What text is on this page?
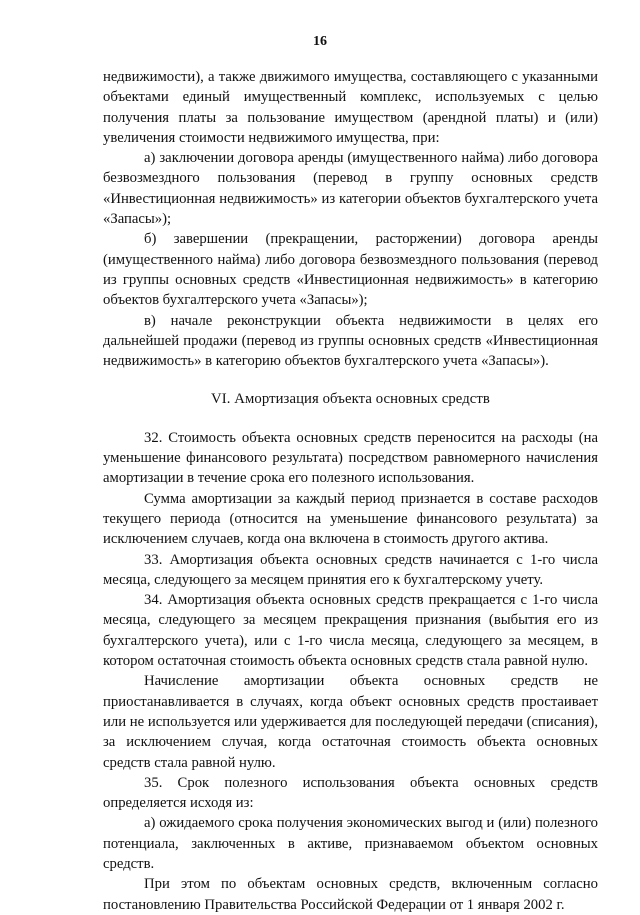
16

недвижимости), а также движимого имущества, составляющего с указанными объектами единый имущественный комплекс, используемых с целью получения платы за пользование имуществом (арендной платы) и (или) увеличения стоимости недвижимого имущества, при:

а) заключении договора аренды (имущественного найма) либо договора безвозмездного пользования (перевод в группу основных средств «Инвестиционная недвижимость» из категории объектов бухгалтерского учета «Запасы»);

б) завершении (прекращении, расторжении) договора аренды (имущественного найма) либо договора безвозмездного пользования (перевод из группы основных средств «Инвестиционная недвижимость» в категорию объектов бухгалтерского учета «Запасы»);

в) начале реконструкции объекта недвижимости в целях его дальнейшей продажи (перевод из группы основных средств «Инвестиционная недвижимость» в категорию объектов бухгалтерского учета «Запасы»).

VI. Амортизация объекта основных средств

32. Стоимость объекта основных средств переносится на расходы (на уменьшение финансового результата) посредством равномерного начисления амортизации в течение срока его полезного использования.

Сумма амортизации за каждый период признается в составе расходов текущего периода (относится на уменьшение финансового результата) за исключением случаев, когда она включена в стоимость другого актива.

33. Амортизация объекта основных средств начинается с 1-го числа месяца, следующего за месяцем принятия его к бухгалтерскому учету.

34. Амортизация объекта основных средств прекращается с 1-го числа месяца, следующего за месяцем прекращения признания (выбытия его из бухгалтерского учета), или с 1-го числа месяца, следующего за месяцем, в котором остаточная стоимость объекта основных средств стала равной нулю.

Начисление амортизации объекта основных средств не приостанавливается в случаях, когда объект основных средств простаивает или не используется или удерживается для последующей передачи (списания), за исключением случая, когда остаточная стоимость объекта основных средств стала равной нулю.

35. Срок полезного использования объекта основных средств определяется исходя из:

а) ожидаемого срока получения экономических выгод и (или) полезного потенциала, заключенных в активе, признаваемом объектом основных средств.

При этом по объектам основных средств, включенным согласно постановлению Правительства Российской Федерации от 1 января 2002 г.
